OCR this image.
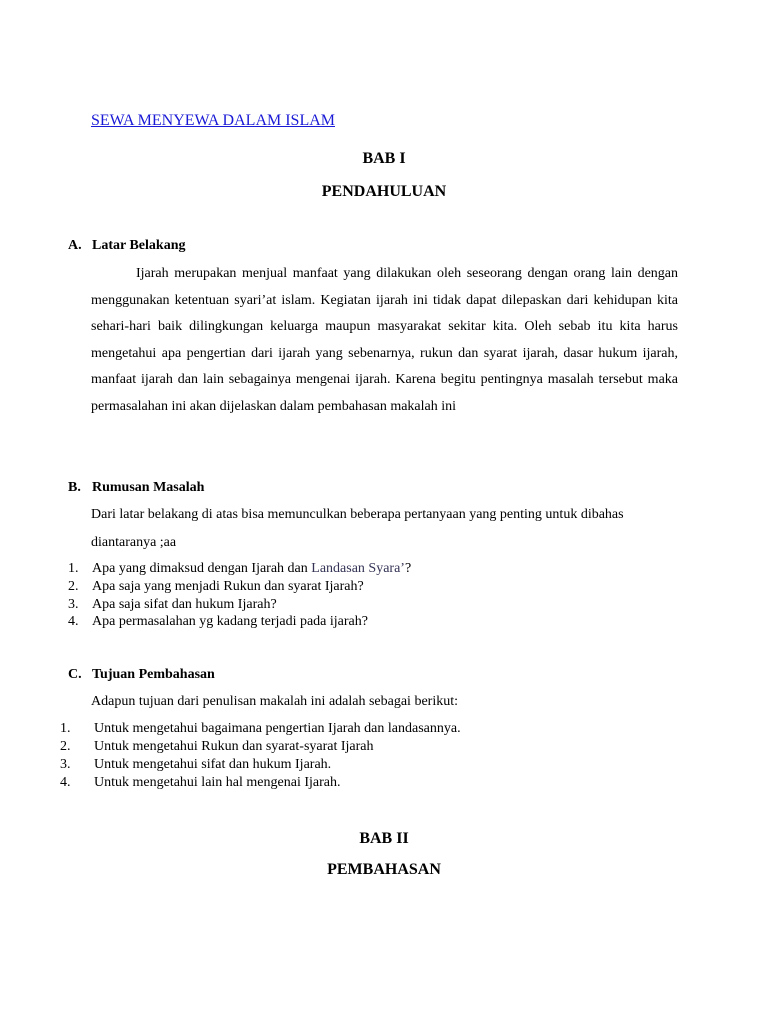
SEWA MENYEWA DALAM ISLAM
BAB I
PENDAHULUAN
A. Latar Belakang

Ijarah merupakan menjual manfaat yang dilakukan oleh seseorang dengan orang lain dengan menggunakan ketentuan syari’at islam. Kegiatan ijarah ini tidak dapat dilepaskan dari kehidupan kita sehari-hari baik dilingkungan keluarga maupun masyarakat sekitar kita. Oleh sebab itu kita harus mengetahui apa pengertian dari ijarah yang sebenarnya, rukun dan syarat ijarah, dasar hukum ijarah, manfaat ijarah dan lain sebagainya mengenai ijarah. Karena begitu pentingnya masalah tersebut maka permasalahan ini akan dijelaskan dalam pembahasan makalah ini

B. Rumusan Masalah
Dari latar belakang di atas bisa memunculkan beberapa pertanyaan yang penting untuk dibahas
diantaranya ;aa
1. Apa yang dimaksud dengan Ijarah dan Landasan Syara’?
2. Apa saja yang menjadi Rukun dan syarat Ijarah?
3. Apa saja sifat dan hukum Ijarah?
4. Apa permasalahan yg kadang terjadi pada ijarah?
C. Tujuan Pembahasan
Adapun tujuan dari penulisan makalah ini adalah sebagai berikut:
1. Untuk mengetahui bagaimana pengertian Ijarah dan landasannya.
2. Untuk mengetahui Rukun dan syarat-syarat Ijarah
3. Untuk mengetahui sifat dan hukum Ijarah.
4. Untuk mengetahui lain hal mengenai Ijarah.
BAB II
PEMBAHASAN
